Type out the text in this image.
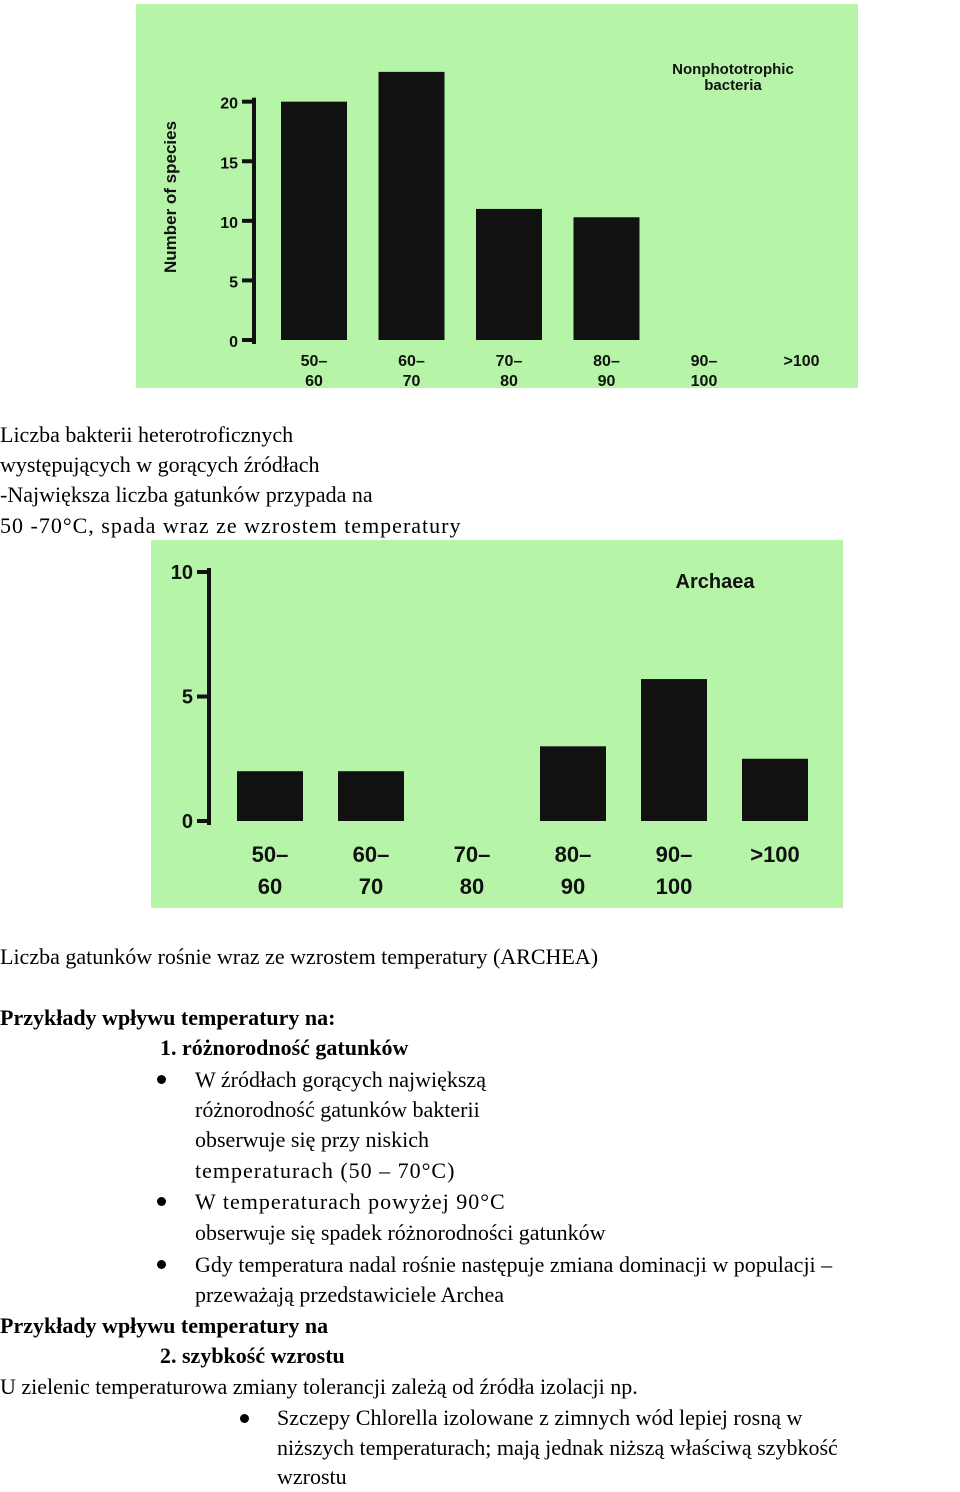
0
5
10
15
20
Number of species
50– 60
60– 70
70– 80
80– 90
90– 100
>100
Nonphototrophic bacteria
Liczba bakterii heterotroficznych
występujących w gorących źródłach
-Największa liczba gatunków przypada na
50 -70°C, spada wraz ze wzrostem temperatury
0
5
10
50– 60
60– 70
70– 80
80– 90
90– 100
>100
Archaea
Liczba gatunków rośnie wraz ze wzrostem temperatury (ARCHEA)
Przykłady wpływu temperatury na:
1. różnorodność gatunków
W źródłach gorących największą
różnorodność gatunków bakterii
obserwuje się przy niskich
temperaturach (50 – 70°C)
W temperaturach powyżej 90°C
obserwuje się spadek różnorodności gatunków
Gdy temperatura nadal rośnie następuje zmiana dominacji w populacji –
przeważają przedstawiciele Archea
Przykłady wpływu temperatury na
2. szybkość wzrostu
U zielenic temperaturowa zmiany tolerancji zależą od źródła izolacji np.
Szczepy Chlorella izolowane z zimnych wód lepiej rosną w
niższych temperaturach; mają jednak niższą właściwą szybkość
wzrostu
